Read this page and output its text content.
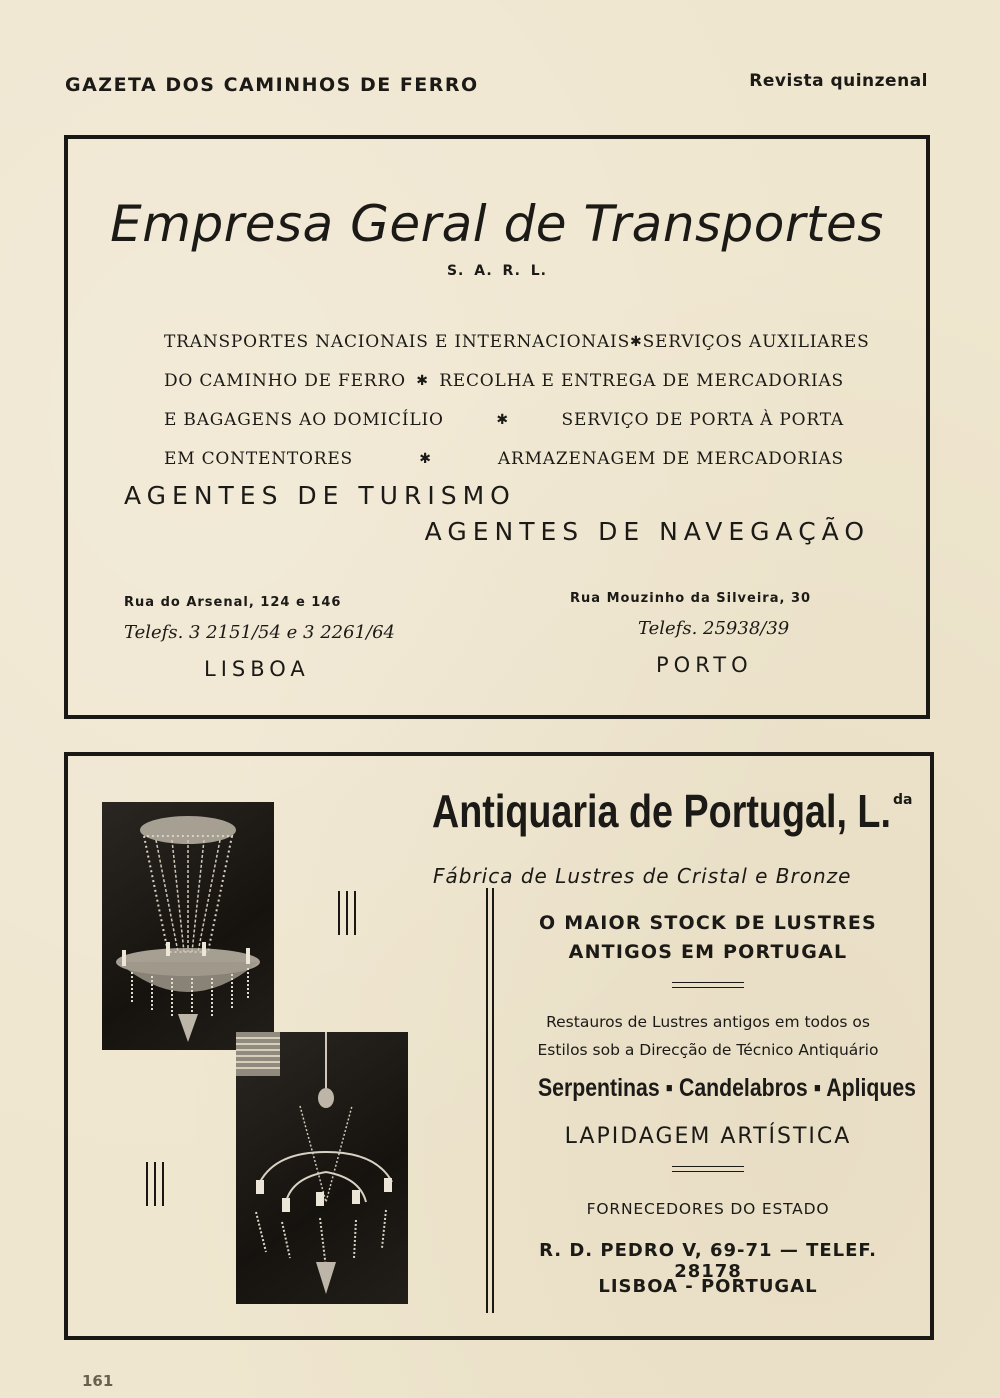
GAZETA DOS CAMINHOS DE FERRO	Revista quinzenal
Empresa Geral de Transportes
S. A. R. L.
TRANSPORTES NACIONAIS E INTERNACIONAIS ✱ SERVIÇOS AUXILIARES
DO CAMINHO DE FERRO ✱ RECOLHA E ENTREGA DE MERCADORIAS
E BAGAGENS AO DOMICÍLIO	✱	SERVIÇO DE PORTA À PORTA
EM CONTENTORES	✱	ARMAZENAGEM DE MERCADORIAS
AGENTES DE TURISMO
AGENTES DE NAVEGAÇÃO
Rua do Arsenal, 124 e 146
Telefs. 3 2151/54 e 3 2261/64
LISBOA
Rua Mouzinho da Silveira, 30
Telefs. 25938/39
PORTO
Antiquaria de Portugal, L. da
Fábrica de Lustres de Cristal e Bronze
O MAIOR STOCK DE LUSTRES
ANTIGOS EM PORTUGAL
Restauros de Lustres antigos em todos os
Estilos sob a Direcção de Técnico Antiquário
Serpentinas ▪ Candelabros ▪ Apliques
LAPIDAGEM ARTÍSTICA
FORNECEDORES DO ESTADO
R. D. PEDRO V, 69-71 — TELEF. 28178
LISBOA - PORTUGAL
161
